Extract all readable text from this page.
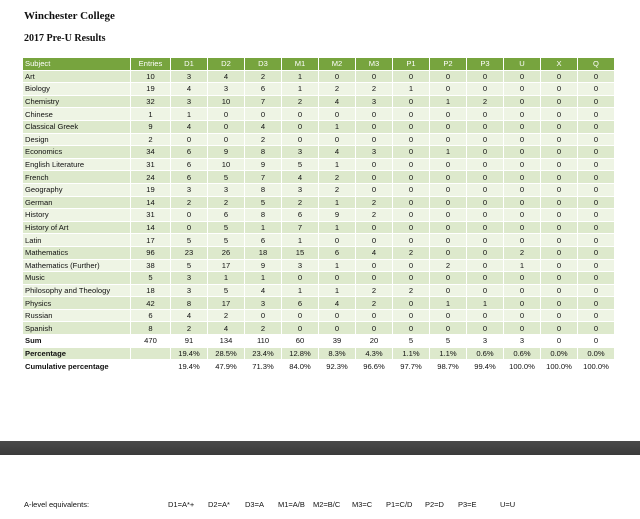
Winchester College
2017 Pre-U Results
Subject	Entries	D1	D2	D3	M1	M2	M3	P1	P2	P3	U	X	Q
Art	10	3	4	2	1	0	0	0	0	0	0	0	0
Biology	19	4	3	6	1	2	2	1	0	0	0	0	0
Chemistry	32	3	10	7	2	4	3	0	1	2	0	0	0
Chinese	1	1	0	0	0	0	0	0	0	0	0	0	0
Classical Greek	9	4	0	4	0	1	0	0	0	0	0	0	0
Design	2	0	0	2	0	0	0	0	0	0	0	0	0
Economics	34	6	9	8	3	4	3	0	1	0	0	0	0
English Literature	31	6	10	9	5	1	0	0	0	0	0	0	0
French	24	6	5	7	4	2	0	0	0	0	0	0	0
Geography	19	3	3	8	3	2	0	0	0	0	0	0	0
German	14	2	2	5	2	1	2	0	0	0	0	0	0
History	31	0	6	8	6	9	2	0	0	0	0	0	0
History of Art	14	0	5	1	7	1	0	0	0	0	0	0	0
Latin	17	5	5	6	1	0	0	0	0	0	0	0	0
Mathematics	96	23	26	18	15	6	4	2	0	0	2	0	0
Mathematics (Further)	38	5	17	9	3	1	0	0	2	0	1	0	0
Music	5	3	1	1	0	0	0	0	0	0	0	0	0
Philosophy and Theology	18	3	5	4	1	1	2	2	0	0	0	0	0
Physics	42	8	17	3	6	4	2	0	1	1	0	0	0
Russian	6	4	2	0	0	0	0	0	0	0	0	0	0
Spanish	8	2	4	2	0	0	0	0	0	0	0	0	0
Sum	470	91	134	110	60	39	20	5	5	3	3	0	0
Percentage		19.4%	28.5%	23.4%	12.8%	8.3%	4.3%	1.1%	1.1%	0.6%	0.6%	0.0%	0.0%
Cumulative percentage		19.4%	47.9%	71.3%	84.0%	92.3%	96.6%	97.7%	98.7%	99.4%	100.0%	100.0%	100.0%
A-level equivalents:	D1=A*+ D2=A* D3=A M1=A/B M2=B/C M3=C P1=C/D P2=D P3=E	U=U
